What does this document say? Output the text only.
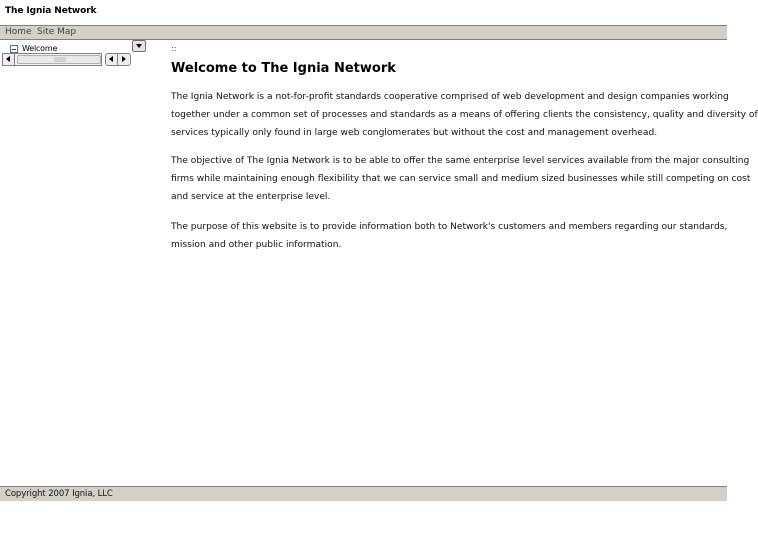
The Ignia Network
Home Site Map
Welcome	::
Welcome to The Ignia Network

The Ignia Network is a not-for-profit standards cooperative comprised of web development and design companies working
together under a common set of processes and standards as a means of offering clients the consistency, quality and diversity of
services typically only found in large web conglomerates but without the cost and management overhead.

The objective of The Ignia Network is to be able to offer the same enterprise level services available from the major consulting
firms while maintaining enough flexibility that we can service small and medium sized businesses while still competing on cost
and service at the enterprise level.

The purpose of this website is to provide information both to Network's customers and members regarding our standards,
mission and other public information.

Copyright 2007 Ignia, LLC
